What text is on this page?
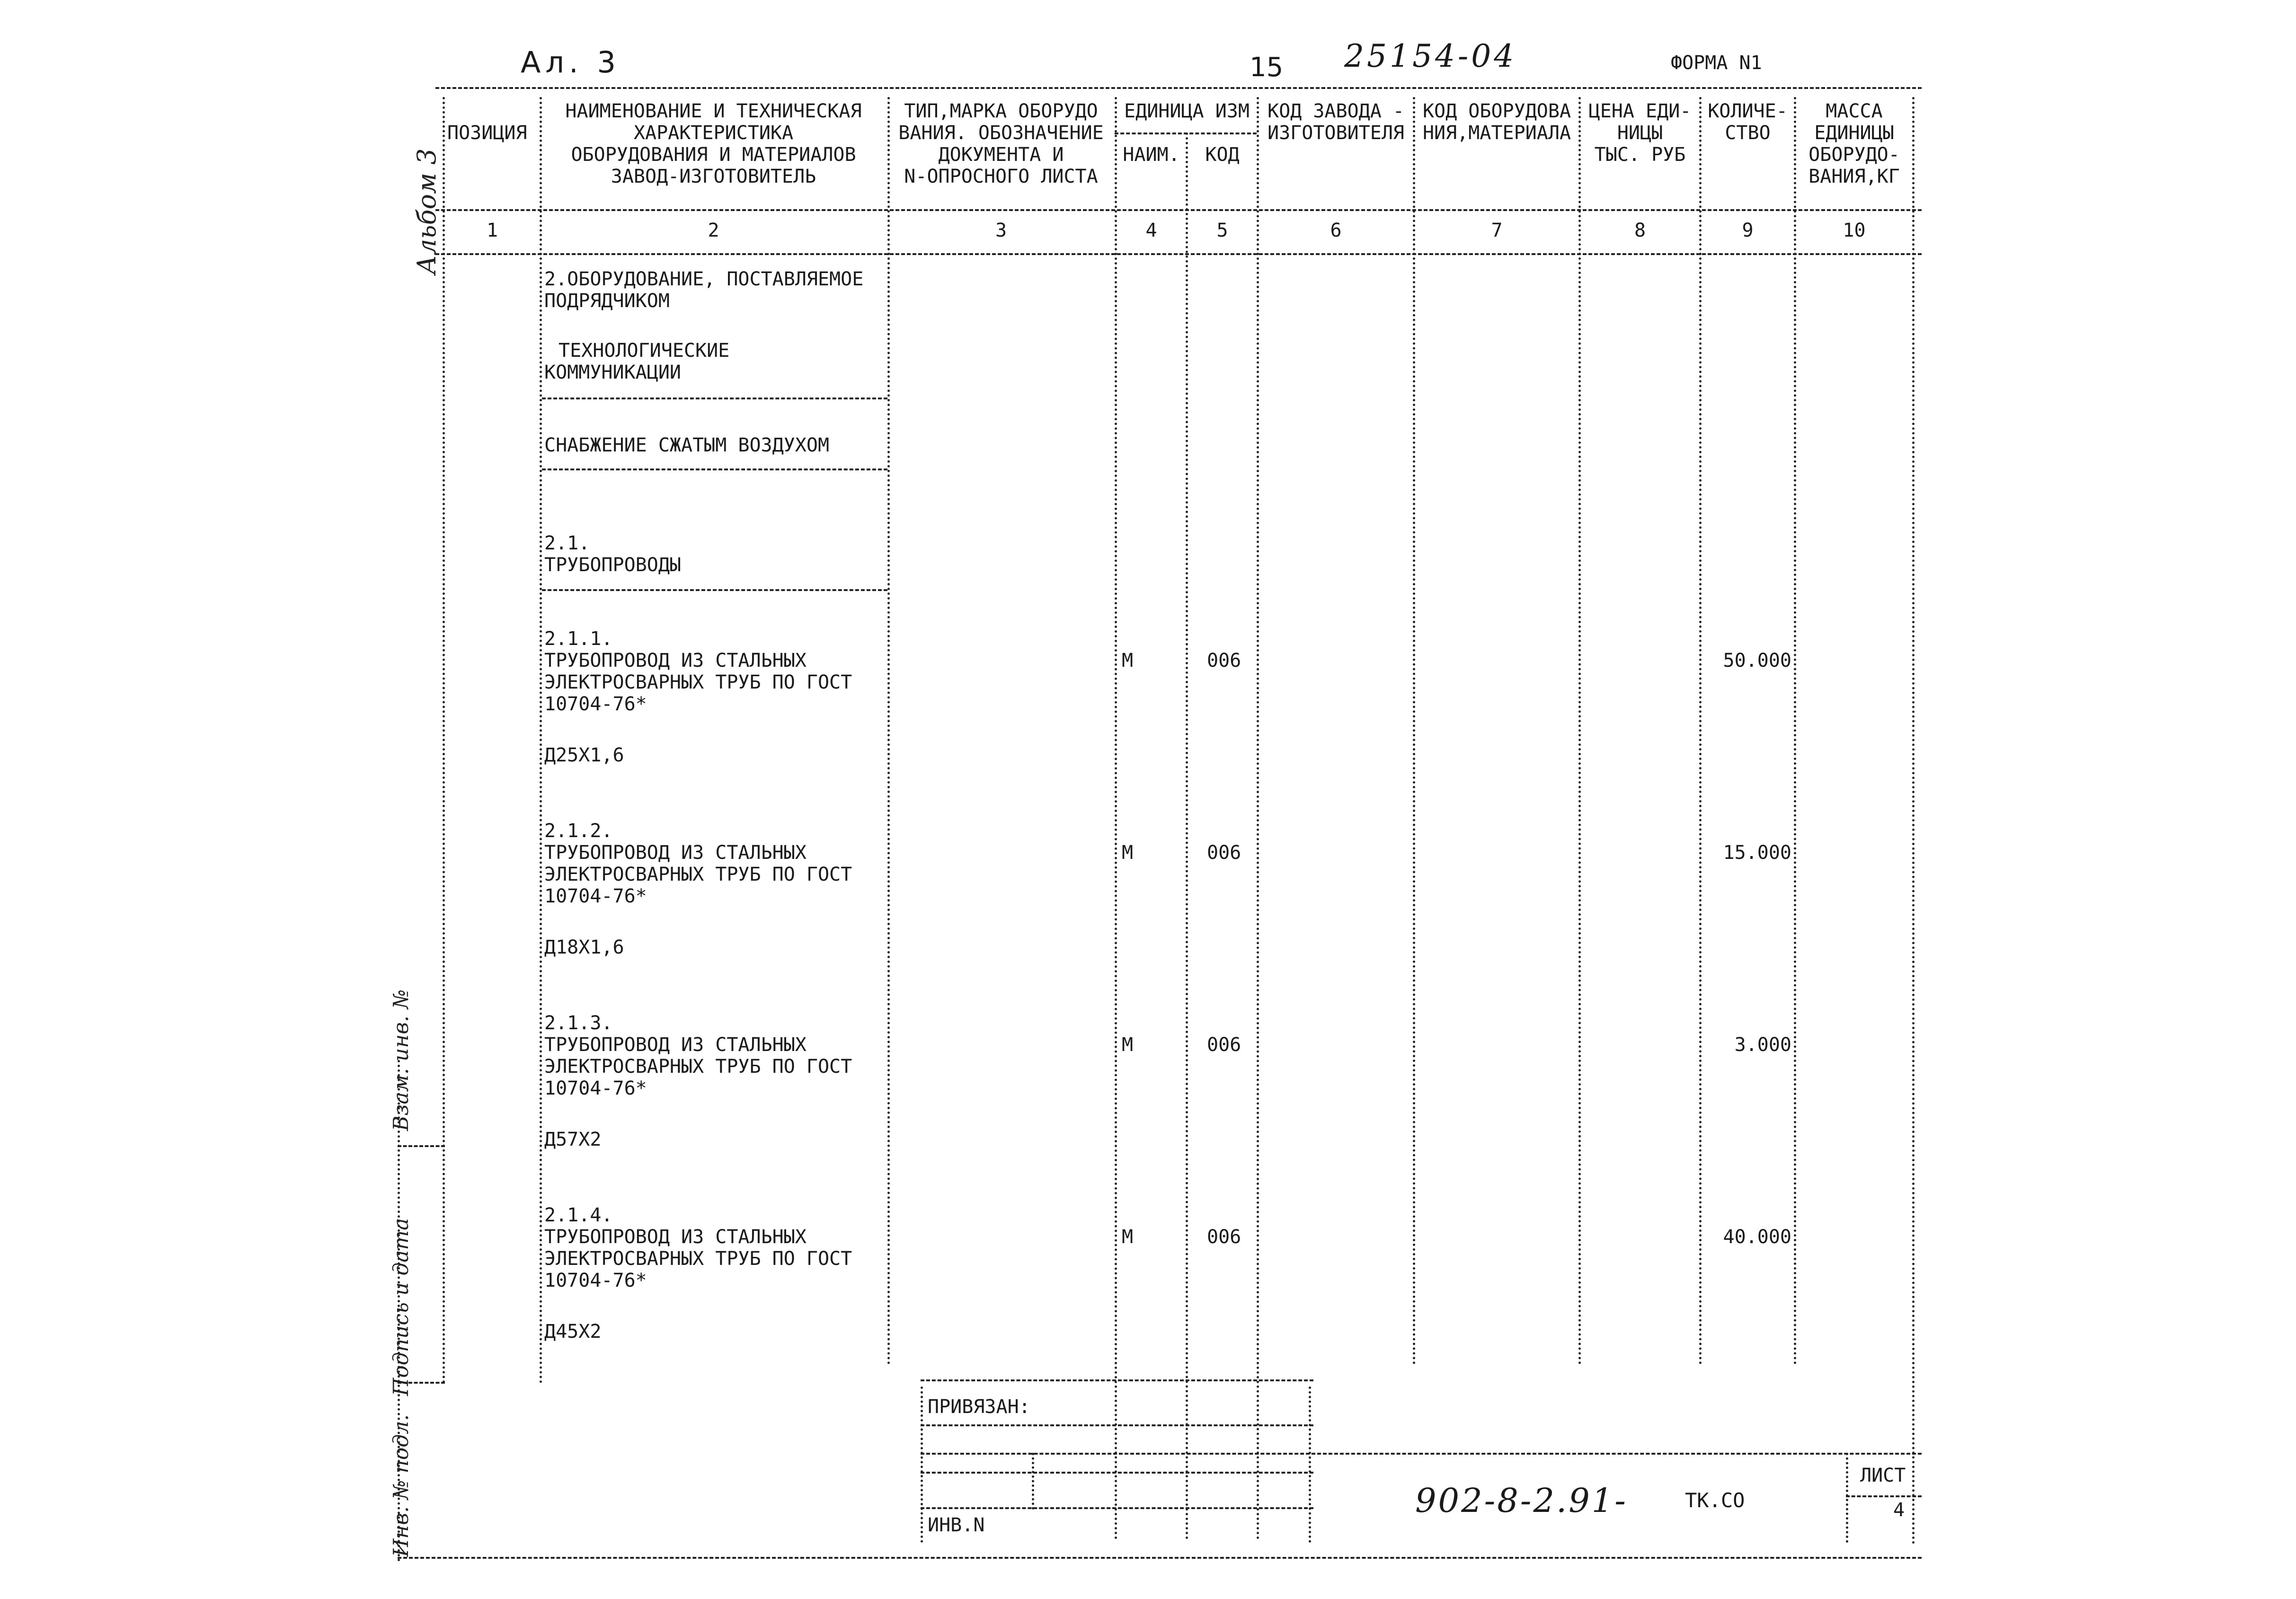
Ал. 3	15 25154-04	ФОРМА N1
Альбом 3
Взам. инв. №
Подпись и дата
Инв. № подл.
ПОЗИЦИЯ
НАИМЕНОВАНИЕ И ТЕХНИЧЕСКАЯ
ХАРАКТЕРИСТИКА
ОБОРУДОВАНИЯ И МАТЕРИАЛОВ
ЗАВОД-ИЗГОТОВИТЕЛЬ
ТИП,МАРКА ОБОРУДО
ВАНИЯ. ОБОЗНАЧЕНИЕ
ДОКУМЕНТА И
N-ОПРОСНОГО ЛИСТА
ЕДИНИЦА ИЗМ
НАИМ.	КОД
КОД ЗАВОДА -
ИЗГОТОВИТЕЛЯ
КОД ОБОРУДОВА
НИЯ,МАТЕРИАЛА
ЦЕНА ЕДИ-
НИЦЫ
ТЫС. РУБ
КОЛИЧЕ-
СТВО
МАССА
ЕДИНИЦЫ
ОБОРУДО-
ВАНИЯ,КГ
1	2	3	4	5	6	7	8	9	10
2.ОБОРУДОВАНИЕ, ПОСТАВЛЯЕМОЕ
ПОДРЯДЧИКОМ
ТЕХНОЛОГИЧЕСКИЕ
КОММУНИКАЦИИ
СНАБЖЕНИЕ СЖАТЫМ ВОЗДУХОМ
2.1.
ТРУБОПРОВОДЫ
2.1.1.
ТРУБОПРОВОД ИЗ СТАЛЬНЫХ	М	006	50.000
ЭЛЕКТРОСВАРНЫХ ТРУБ ПО ГОСТ
10704-76*
Д25Х1,6
2.1.2.
ТРУБОПРОВОД ИЗ СТАЛЬНЫХ	М	006	15.000
ЭЛЕКТРОСВАРНЫХ ТРУБ ПО ГОСТ
10704-76*
Д18Х1,6
2.1.3.
ТРУБОПРОВОД ИЗ СТАЛЬНЫХ	М	006	3.000
ЭЛЕКТРОСВАРНЫХ ТРУБ ПО ГОСТ
10704-76*
Д57Х2
2.1.4.
ТРУБОПРОВОД ИЗ СТАЛЬНЫХ	М	006	40.000
ЭЛЕКТРОСВАРНЫХ ТРУБ ПО ГОСТ
10704-76*
Д45Х2
ПРИВЯЗАН:
ИНВ.N
902-8-2.91-	ТК.СО
ЛИСТ
4
